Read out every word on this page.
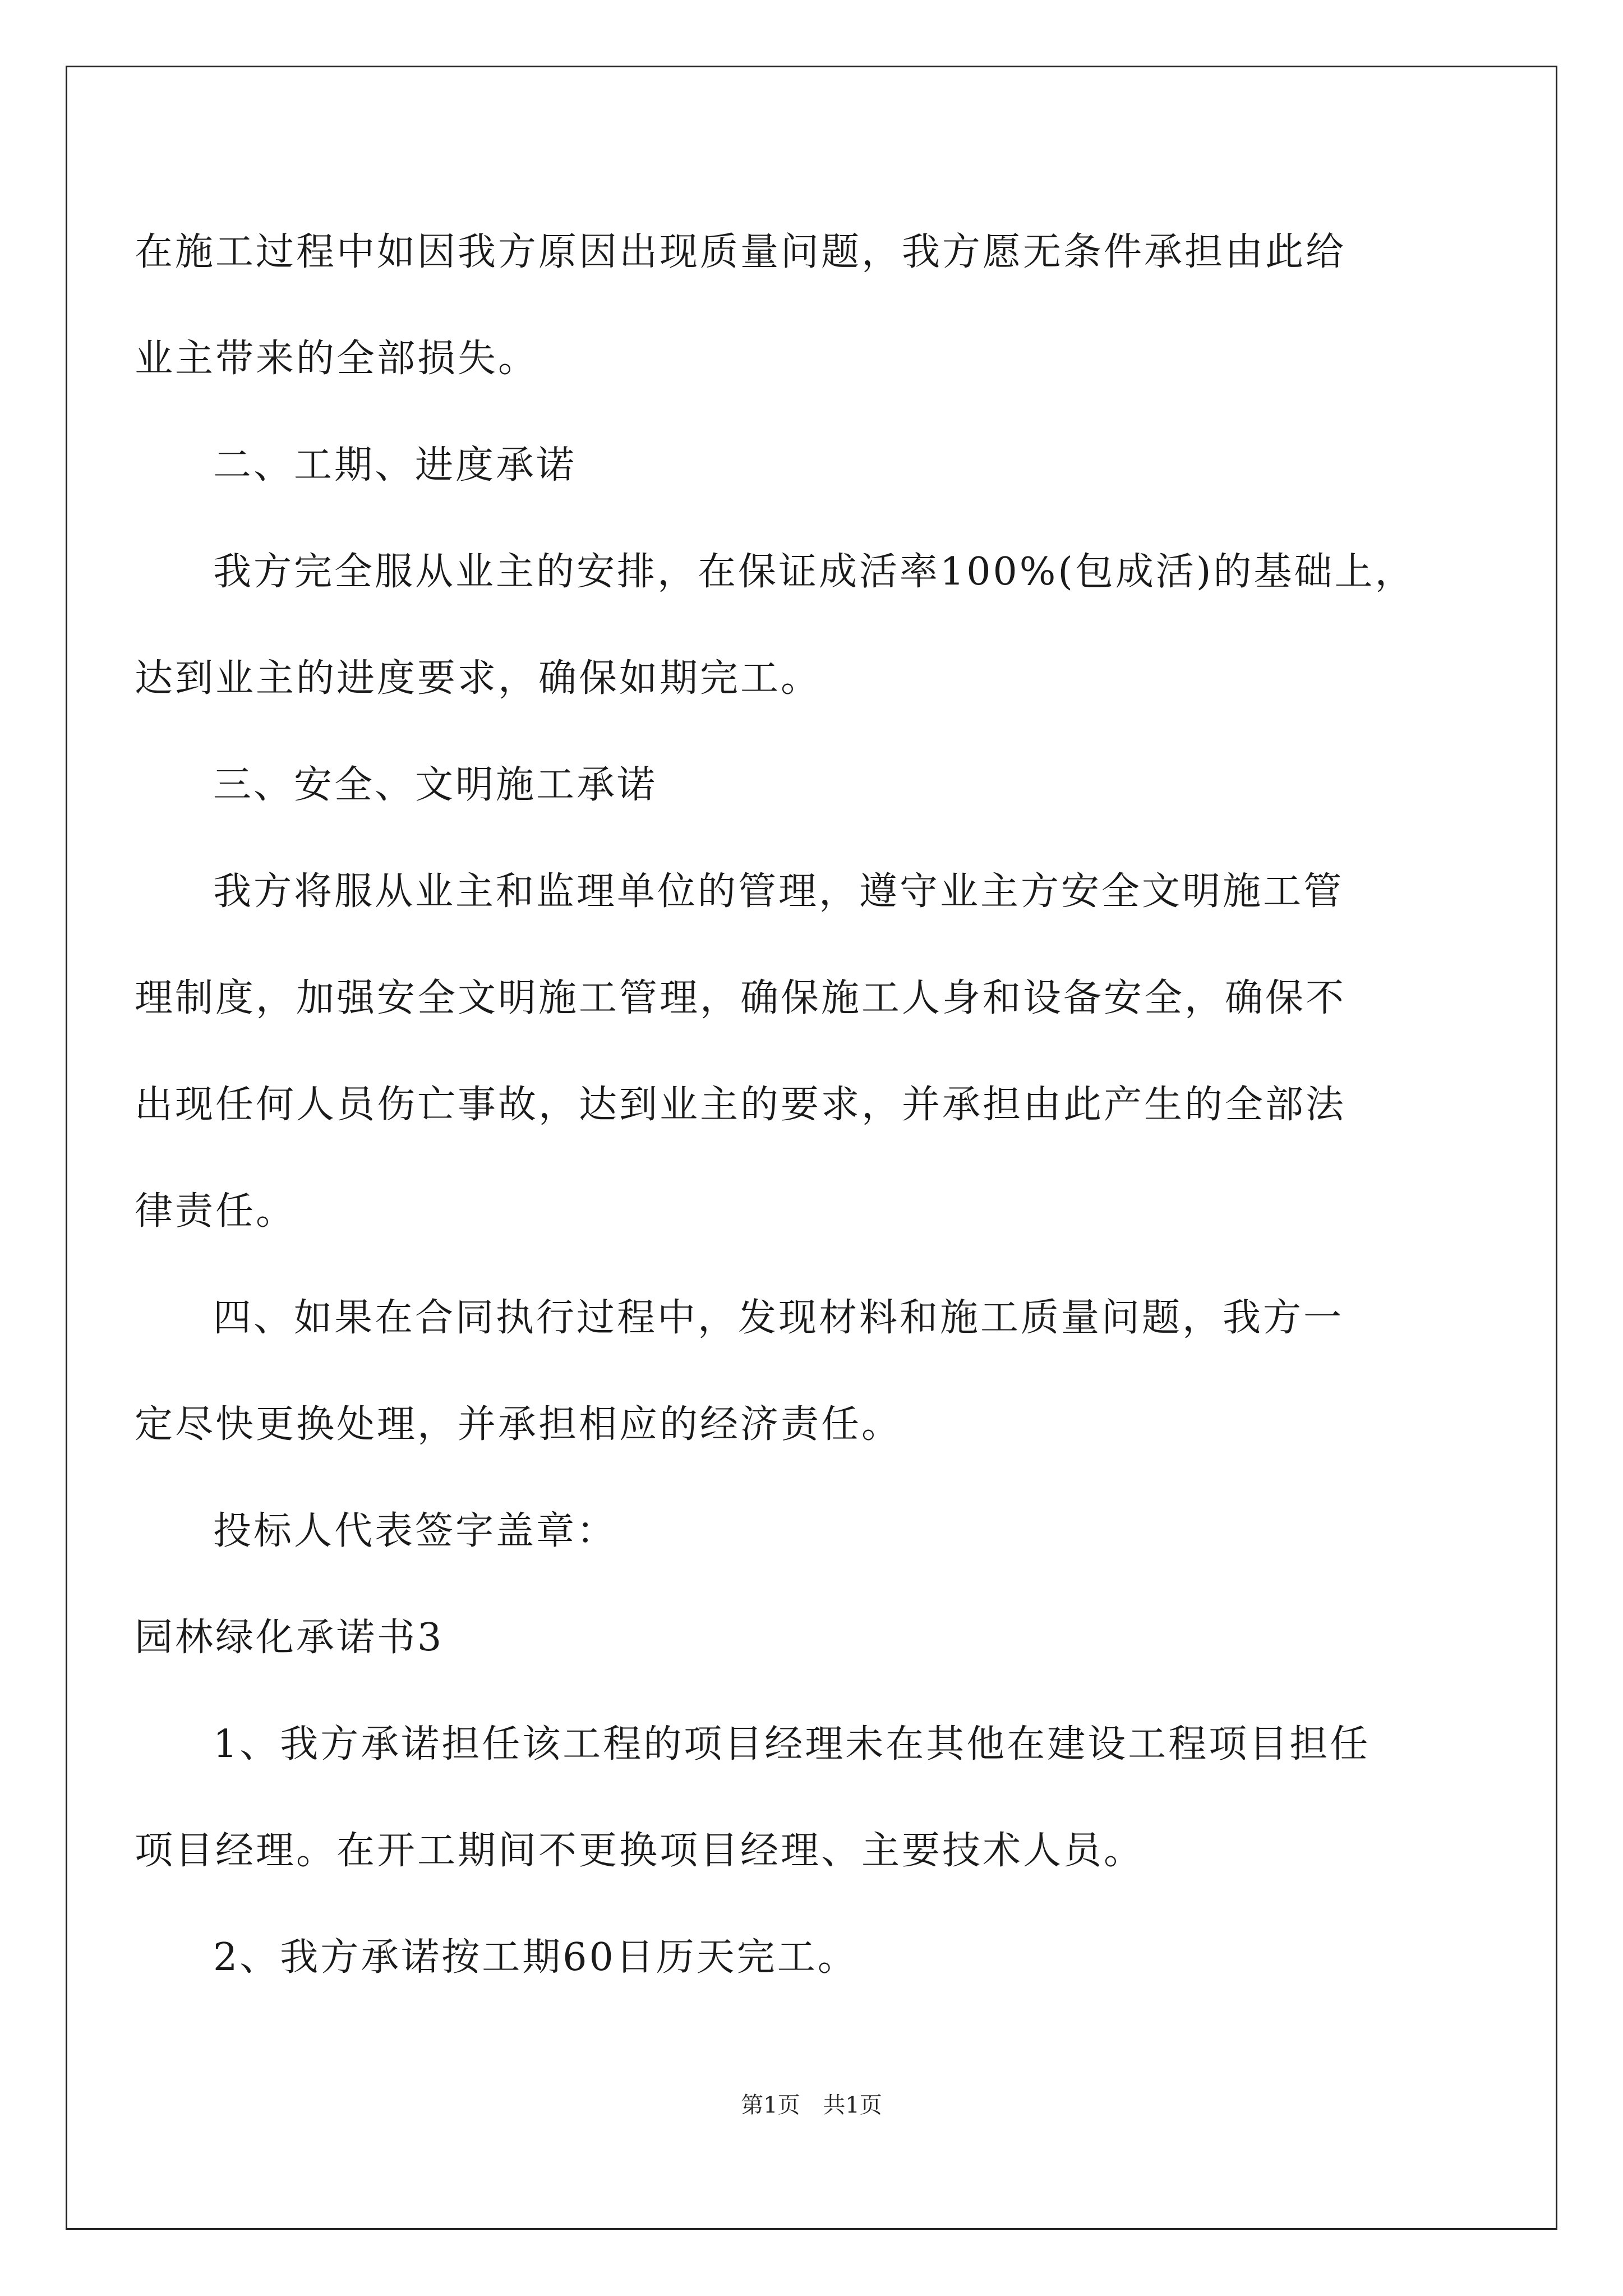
在施工过程中如因我方原因出现质量问题，我方愿无条件承担由此给
业主带来的全部损失。
二、工期、进度承诺
我方完全服从业主的安排，在保证成活率100%(包成活)的基础上，
达到业主的进度要求，确保如期完工。
三、安全、文明施工承诺
我方将服从业主和监理单位的管理，遵守业主方安全文明施工管
理制度，加强安全文明施工管理，确保施工人身和设备安全，确保不
出现任何人员伤亡事故，达到业主的要求，并承担由此产生的全部法
律责任。
四、如果在合同执行过程中，发现材料和施工质量问题，我方一
定尽快更换处理，并承担相应的经济责任。
投标人代表签字盖章：
园林绿化承诺书3
1、我方承诺担任该工程的项目经理未在其他在建设工程项目担任
项目经理。在开工期间不更换项目经理、主要技术人员。
2、我方承诺按工期60日历天完工。
第1页 共1页
